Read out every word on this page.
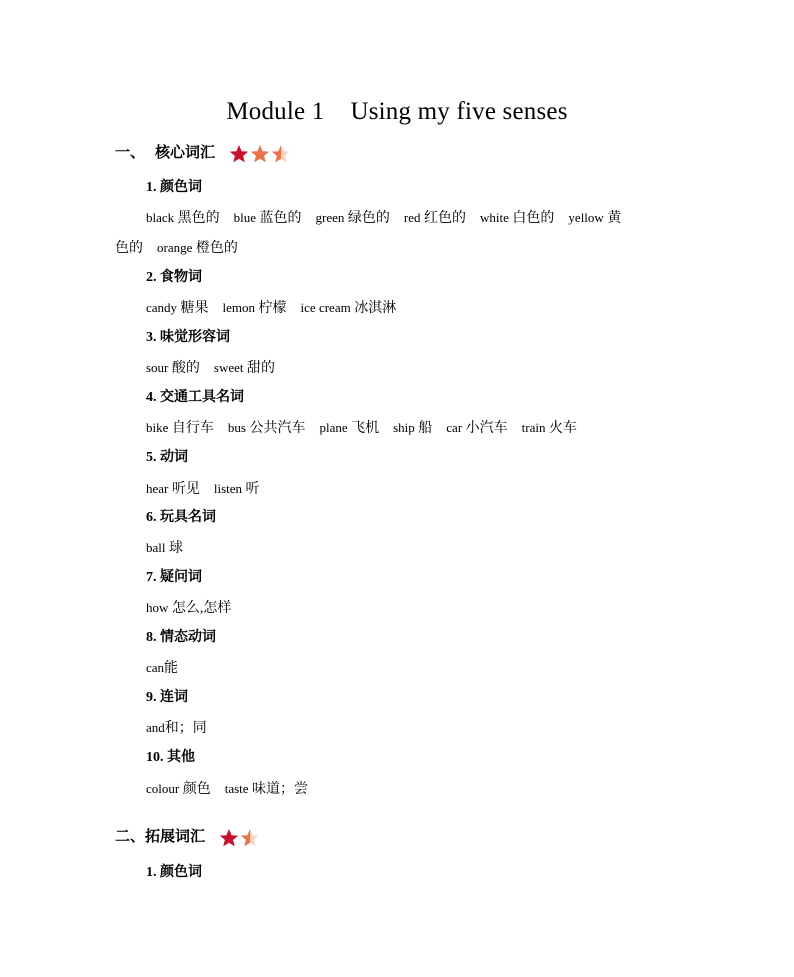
Module 1 Using my five senses
一、 核心词汇
1. 颜色词
black 黑色的 blue 蓝色的 green 绿色的 red 红色的 white 白色的 yellow 黄
色的 orange 橙色的
2. 食物词
candy 糖果 lemon 柠檬 ice cream 冰淇淋
3. 味觉形容词
sour 酸的 sweet 甜的
4. 交通工具名词
bike 自行车 bus 公共汽车 plane 飞机 ship 船 car 小汽车 train 火车
5. 动词
hear 听见 listen 听
6. 玩具名词
ball 球
7. 疑问词
how 怎么,怎样
8. 情态动词
can能
9. 连词
and和；同
10. 其他
colour 颜色 taste 味道；尝
二、 拓展词汇
1. 颜色词
